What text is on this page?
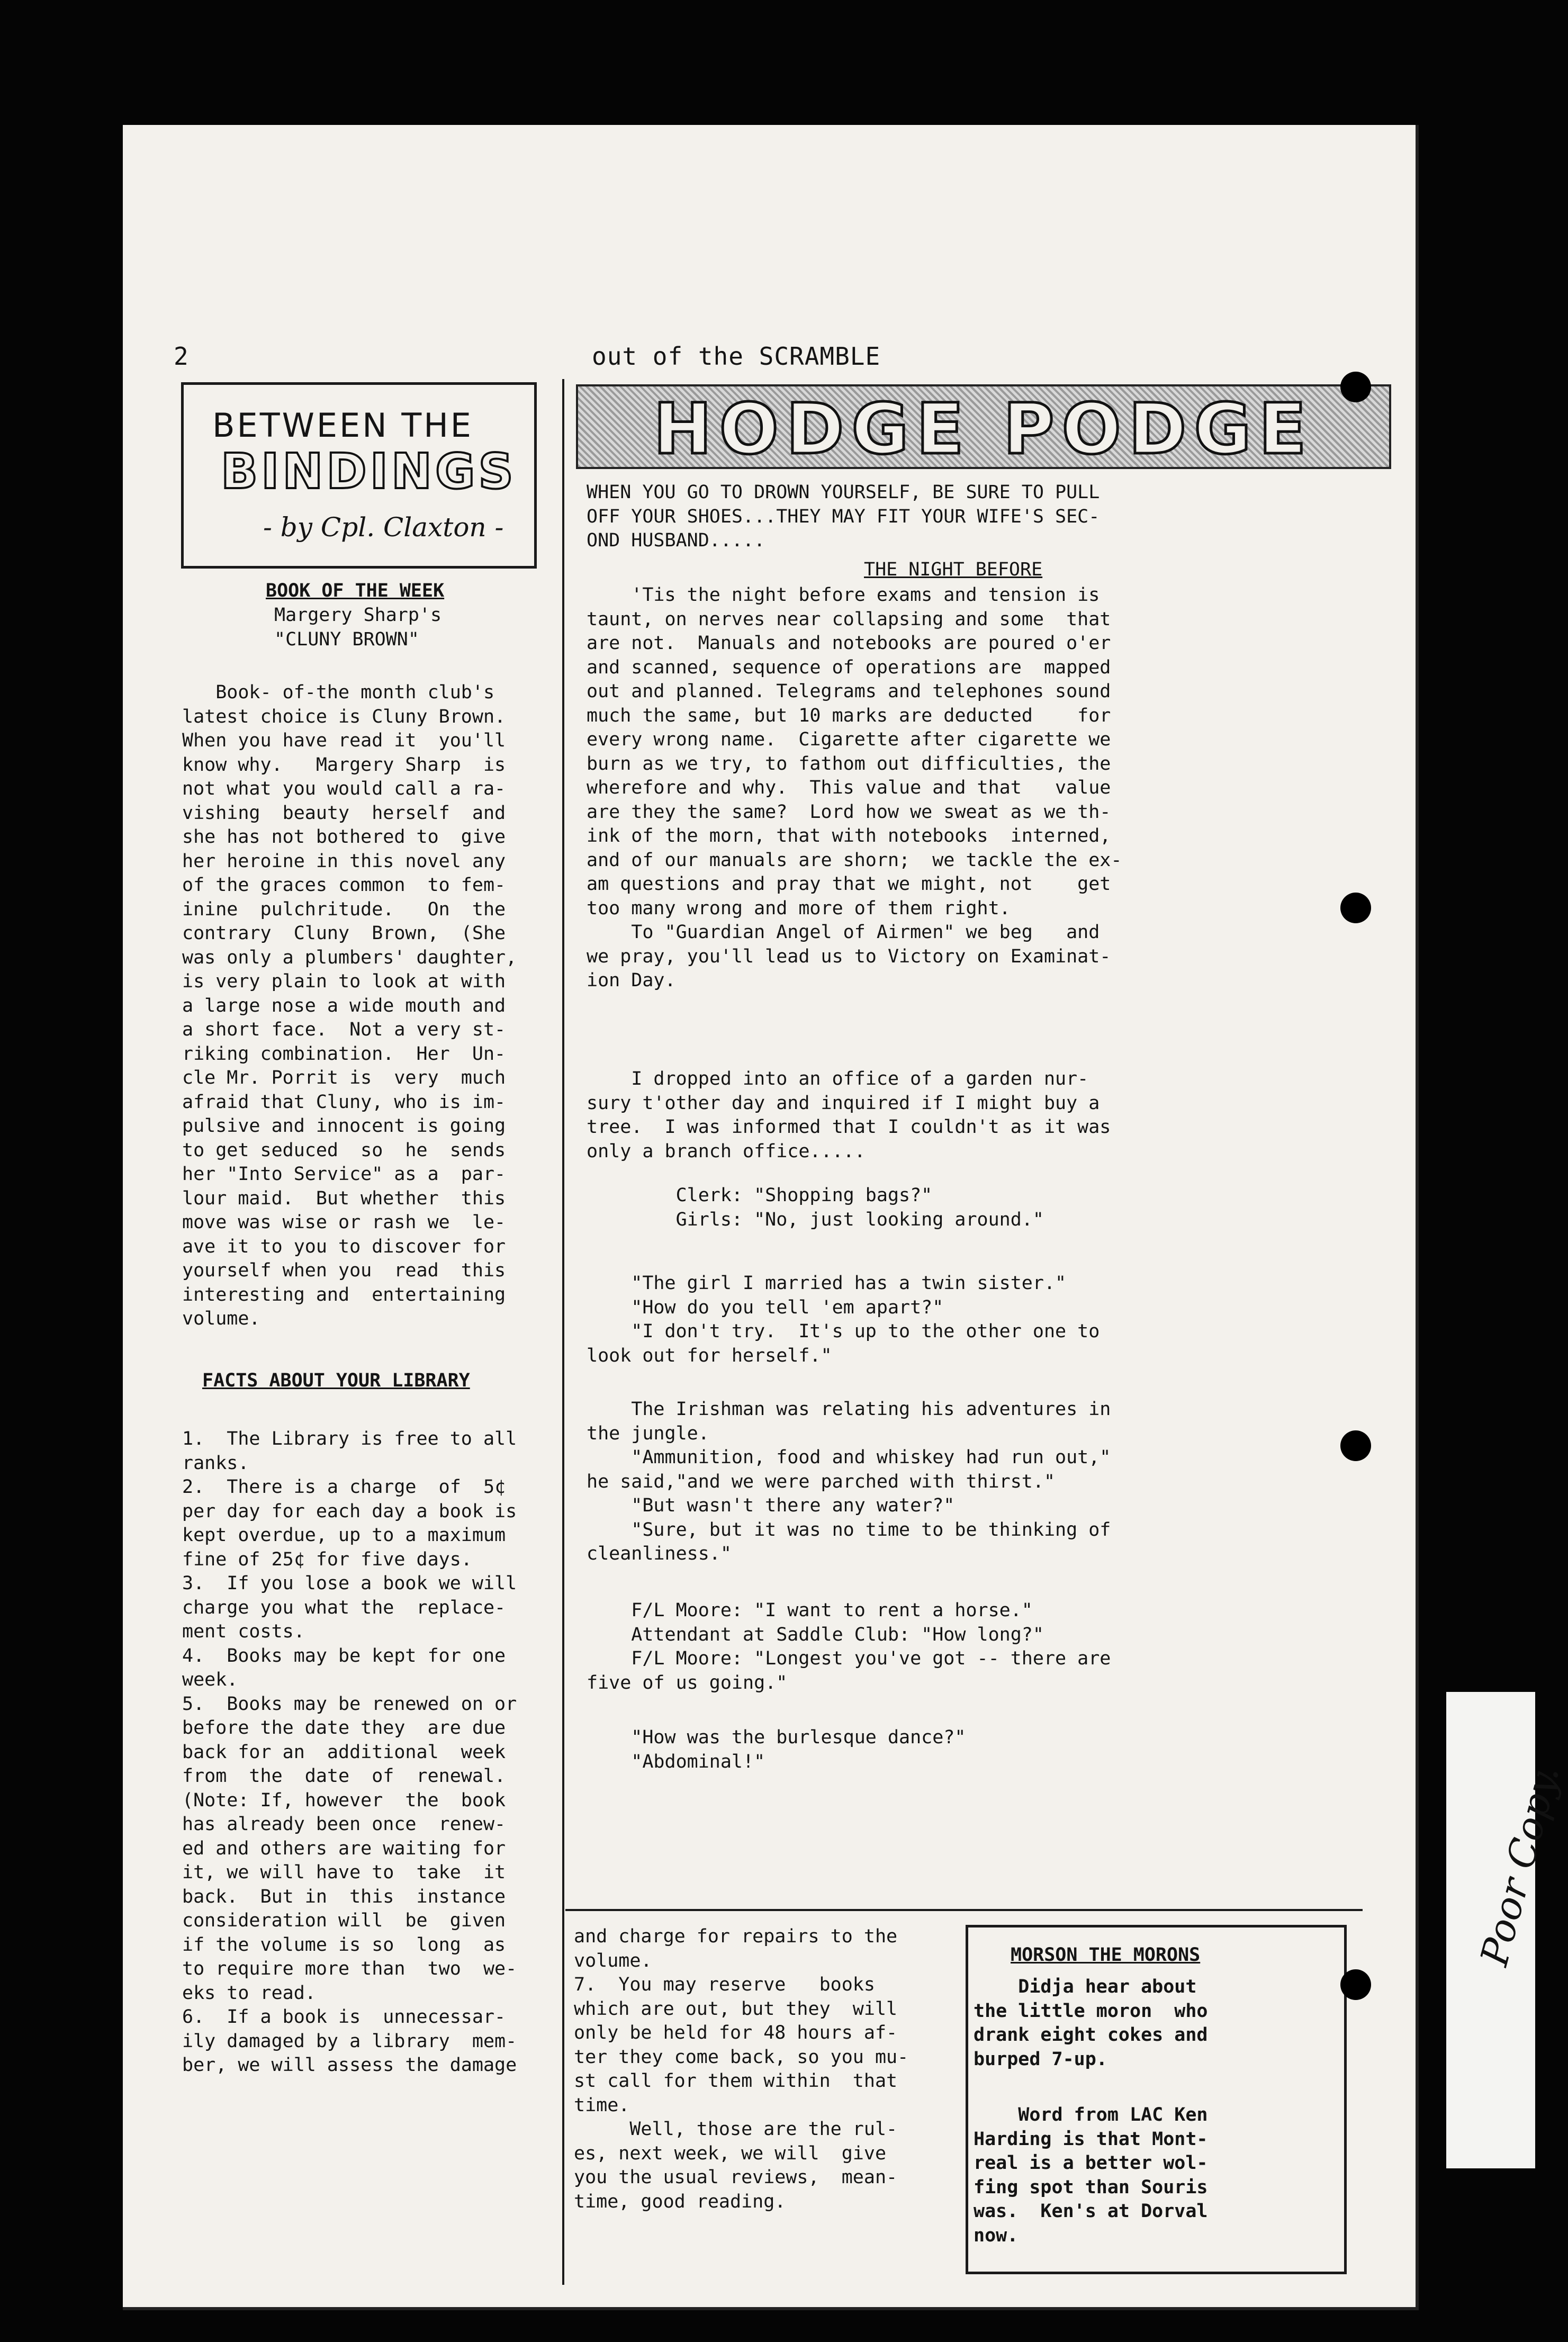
2	out of the SCRAMBLE
BETWEEN THE
BINDINGS
- by Cpl. Claxton -
BOOK OF THE WEEK
Margery Sharp's
"CLUNY BROWN"
Book- of-the month club's
latest choice is Cluny Brown.
When you have read it  you'll
know why.   Margery Sharp  is
not what you would call a ra-
vishing  beauty  herself  and
she has not bothered to  give
her heroine in this novel any
of the graces common  to fem-
inine  pulchritude.   On  the
contrary  Cluny  Brown,  (She
was only a plumbers' daughter,
is very plain to look at with
a large nose a wide mouth and
a short face.  Not a very st-
riking combination.  Her  Un-
cle Mr. Porrit is  very  much
afraid that Cluny, who is im-
pulsive and innocent is going
to get seduced  so  he  sends
her "Into Service" as a  par-
lour maid.  But whether  this
move was wise or rash we  le-
ave it to you to discover for
yourself when you  read  this
interesting and  entertaining
volume.
FACTS ABOUT YOUR LIBRARY
1.  The Library is free to all
ranks.
2.  There is a charge  of  5¢
per day for each day a book is
kept overdue, up to a maximum
fine of 25¢ for five days.
3.  If you lose a book we will
charge you what the  replace-
ment costs.
4.  Books may be kept for one
week.
5.  Books may be renewed on or
before the date they  are due
back for an  additional  week
from  the  date  of  renewal.
(Note: If, however  the  book
has already been once  renew-
ed and others are waiting for
it, we will have to  take  it
back.  But in  this  instance
consideration will  be  given
if the volume is so  long  as
to require more than  two  we-
eks to read.
6.  If a book is  unnecessar-
ily damaged by a library  mem-
ber, we will assess the damage
and charge for repairs to the
volume.
7.  You may reserve   books
which are out, but they  will
only be held for 48 hours af-
ter they come back, so you mu-
st call for them within  that
time.
Well, those are the rul-
es, next week, we will  give
you the usual reviews,  mean-
time, good reading.
HODGE PODGE
WHEN YOU GO TO DROWN YOURSELF, BE SURE TO PULL
OFF YOUR SHOES...THEY MAY FIT YOUR WIFE'S SEC-
OND HUSBAND.....
THE NIGHT BEFORE
'Tis the night before exams and tension is
taunt, on nerves near collapsing and some  that
are not.  Manuals and notebooks are poured o'er
and scanned, sequence of operations are  mapped
out and planned. Telegrams and telephones sound
much the same, but 10 marks are deducted    for
every wrong name.  Cigarette after cigarette we
burn as we try, to fathom out difficulties, the
wherefore and why.  This value and that   value
are they the same?  Lord how we sweat as we th-
ink of the morn, that with notebooks  interned,
and of our manuals are shorn;  we tackle the ex-
am questions and pray that we might, not    get
too many wrong and more of them right.
To "Guardian Angel of Airmen" we beg   and
we pray, you'll lead us to Victory on Examinat-
ion Day.
I dropped into an office of a garden nur-
sury t'other day and inquired if I might buy a
tree.  I was informed that I couldn't as it was
only a branch office.....
Clerk: "Shopping bags?"
Girls: "No, just looking around."
"The girl I married has a twin sister."
"How do you tell 'em apart?"
"I don't try.  It's up to the other one to
look out for herself."
The Irishman was relating his adventures in
the jungle.
"Ammunition, food and whiskey had run out,"
he said,"and we were parched with thirst."
"But wasn't there any water?"
"Sure, but it was no time to be thinking of
cleanliness."
F/L Moore: "I want to rent a horse."
Attendant at Saddle Club: "How long?"
F/L Moore: "Longest you've got -- there are
five of us going."
"How was the burlesque dance?"
"Abdominal!"
MORSON THE MORONS
Didja hear about
the little moron  who
drank eight cokes and
burped 7-up.
Word from LAC Ken
Harding is that Mont-
real is a better wol-
fing spot than Souris
was.  Ken's at Dorval
now.
Poor Copy.
